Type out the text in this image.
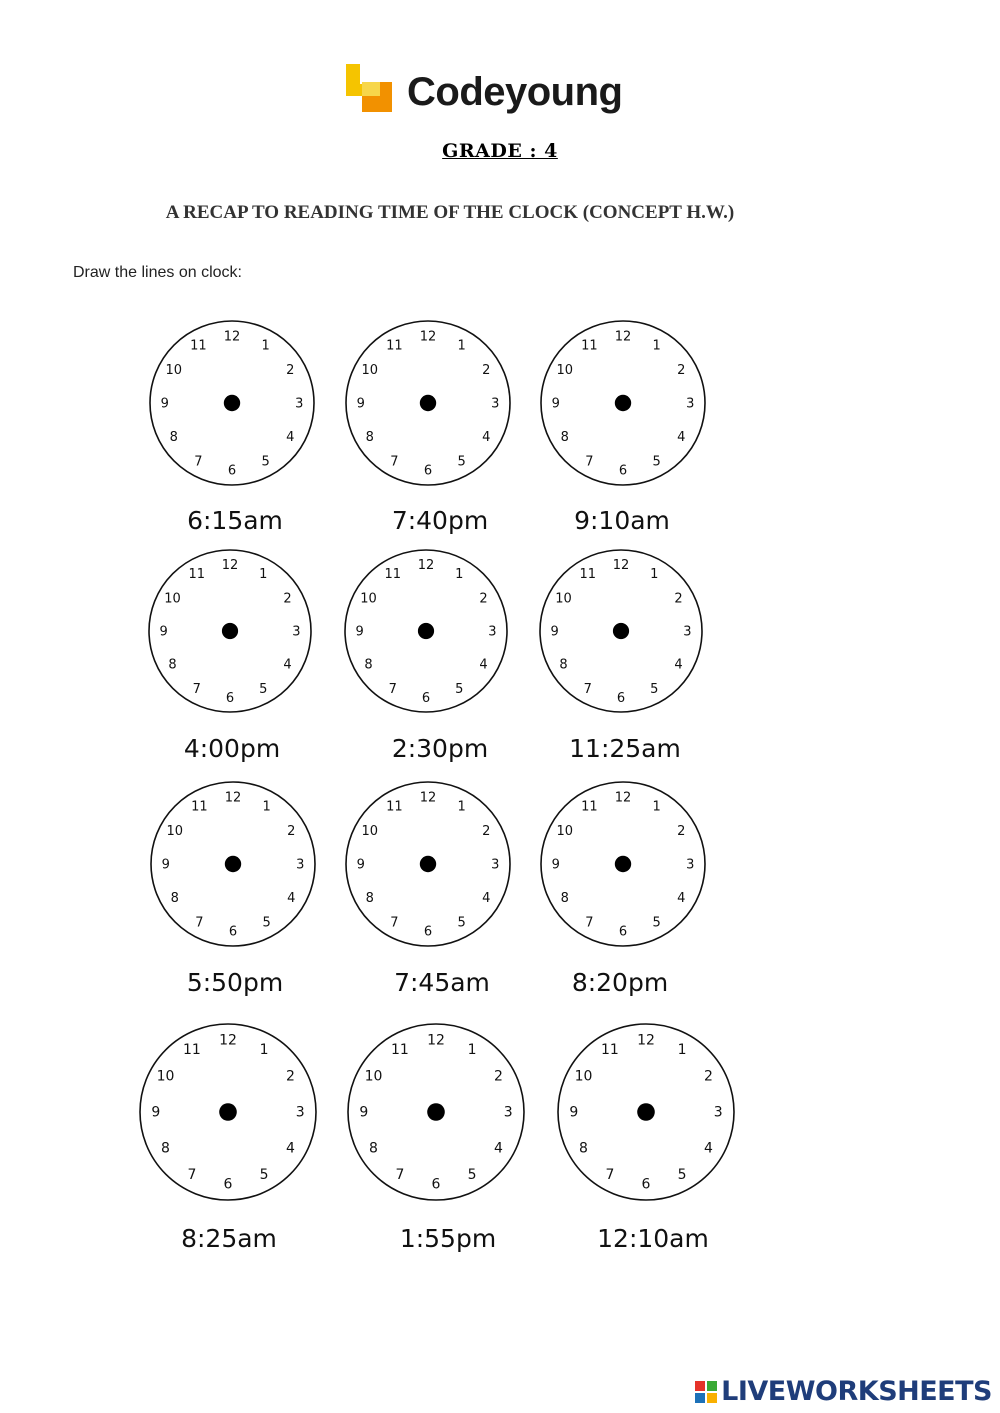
Codeyoung
GRADE : 4
A RECAP TO READING TIME OF THE CLOCK (CONCEPT H.W.)
Draw the lines on clock:
12
1
2
3
4
5
6
7
8
9
10
11
6:15am
12
1
2
3
4
5
6
7
8
9
10
11
7:40pm
12
1
2
3
4
5
6
7
8
9
10
11
9:10am
12
1
2
3
4
5
6
7
8
9
10
11
4:00pm
12
1
2
3
4
5
6
7
8
9
10
11
2:30pm
12
1
2
3
4
5
6
7
8
9
10
11
11:25am
12
1
2
3
4
5
6
7
8
9
10
11
5:50pm
12
1
2
3
4
5
6
7
8
9
10
11
7:45am
12
1
2
3
4
5
6
7
8
9
10
11
8:20pm
12
1
2
3
4
5
6
7
8
9
10
11
8:25am
12
1
2
3
4
5
6
7
8
9
10
11
1:55pm
12
1
2
3
4
5
6
7
8
9
10
11
12:10am
LIVEWORKSHEETS
